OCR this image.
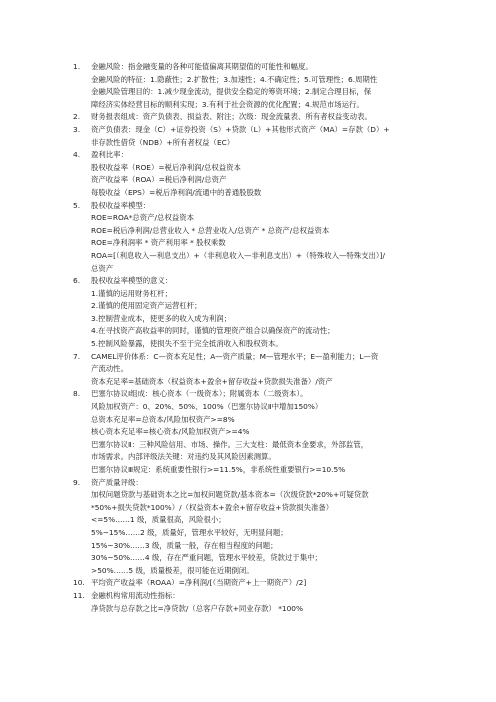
1. 金融风险：指金融变量的各种可能值偏离其期望值的可能性和幅度。
金融风险的特征：1.隐蔽性；2.扩散性；3.加速性；4.不确定性；5.可管理性；6.周期性
金融风险管理目的：1.减少现金流动，提供安全稳定的筹资环境；2.制定合理目标，保
障经济实体经营目标的顺利实现；3.有利于社会资源的优化配置；4.规范市场运行。
2. 财务报表组成：资产负债表、损益表、附注；次级：现金流量表、所有者权益变动表。
3. 资产负债表：现金（C）+证券投资（S）+贷款（L）+其他形式资产（MA）=存款（D）+
非存款性借贷（NDB）+所有者权益（EC）
4. 盈利比率：
股权收益率（ROE）=税后净利润/总权益资本
资产收益率（ROA）=税后净利润/总资产
每股收益（EPS）=税后净利润/流通中的普通股股数
5. 股权收益率模型：
ROE=ROA*总资产/总权益资本
ROE=税后净利润/总营业收入 * 总营业收入/总资产 * 总资产/总权益资本
ROE=净利润率 * 资产利用率 * 股权乘数
ROA=[（利息收入—利息支出）+（非利息收入—非利息支出）+（特殊收入—特殊支出）]/
总资产
6. 股权收益率模型的意义：
1.谨慎的运用财务杠杆；
2.谨慎的使用固定资产运营杠杆；
3.控制营业成本，使更多的收入成为利润；
4.在寻找资产高收益率的同时，谨慎的管理资产组合以确保资产的流动性；
5.控制风险暴露，使损失不至于完全抵消收入和股权资本。
7. CAMEL评价体系：C—资本充足性；A—资产质量；M—管理水平；E—盈利能力；L—资
产流动性。
资本充足率=基础资本（权益资本+盈余+留存收益+贷款损失准备）/资产
8. 巴塞尔协议Ⅰ组成：核心资本（一级资本）；附属资本（二级资本）。
风险加权资产：0、20%、50%、100%（巴塞尔协议Ⅱ中增加150%）
总资本充足率=总资本/风险加权资产>=8%
核心资本充足率=核心资本/风险加权资产>=4%
巴塞尔协议Ⅱ：三种风险信用、市场、操作。三大支柱：最低资本金要求，外部监管，
市场需求。内部评级法关键：对违约及其风险因素测算。
巴塞尔协议Ⅲ规定：系统重要性银行>=11.5%，非系统性重要银行>=10.5%
9. 资产质量评级：
加权问题贷款与基础资本之比=加权问题贷款/基本资本=（次级贷款*20%+可疑贷款
*50%+损失贷款*100%）/（权益资本+盈余+留存收益+贷款损失准备）
<=5%……1 级，质量很高，风险很小；
5%~15%……2 级，质量好，管理水平较好，无明显问题；
15%~30%……3 级，质量一般，存在相当程度的问题；
30%~50%……4 级，存在严重问题，管理水平较差，贷款过于集中；
>50%……5 级，质量极差，很可能在近期倒闭。
10. 平均资产收益率（ROAA）=净利润/[（当期资产+上一期资产）/2]
11. 金融机构常用流动性指标：
净贷款与总存款之比=净贷款/（总客户存款+同业存款） *100%
